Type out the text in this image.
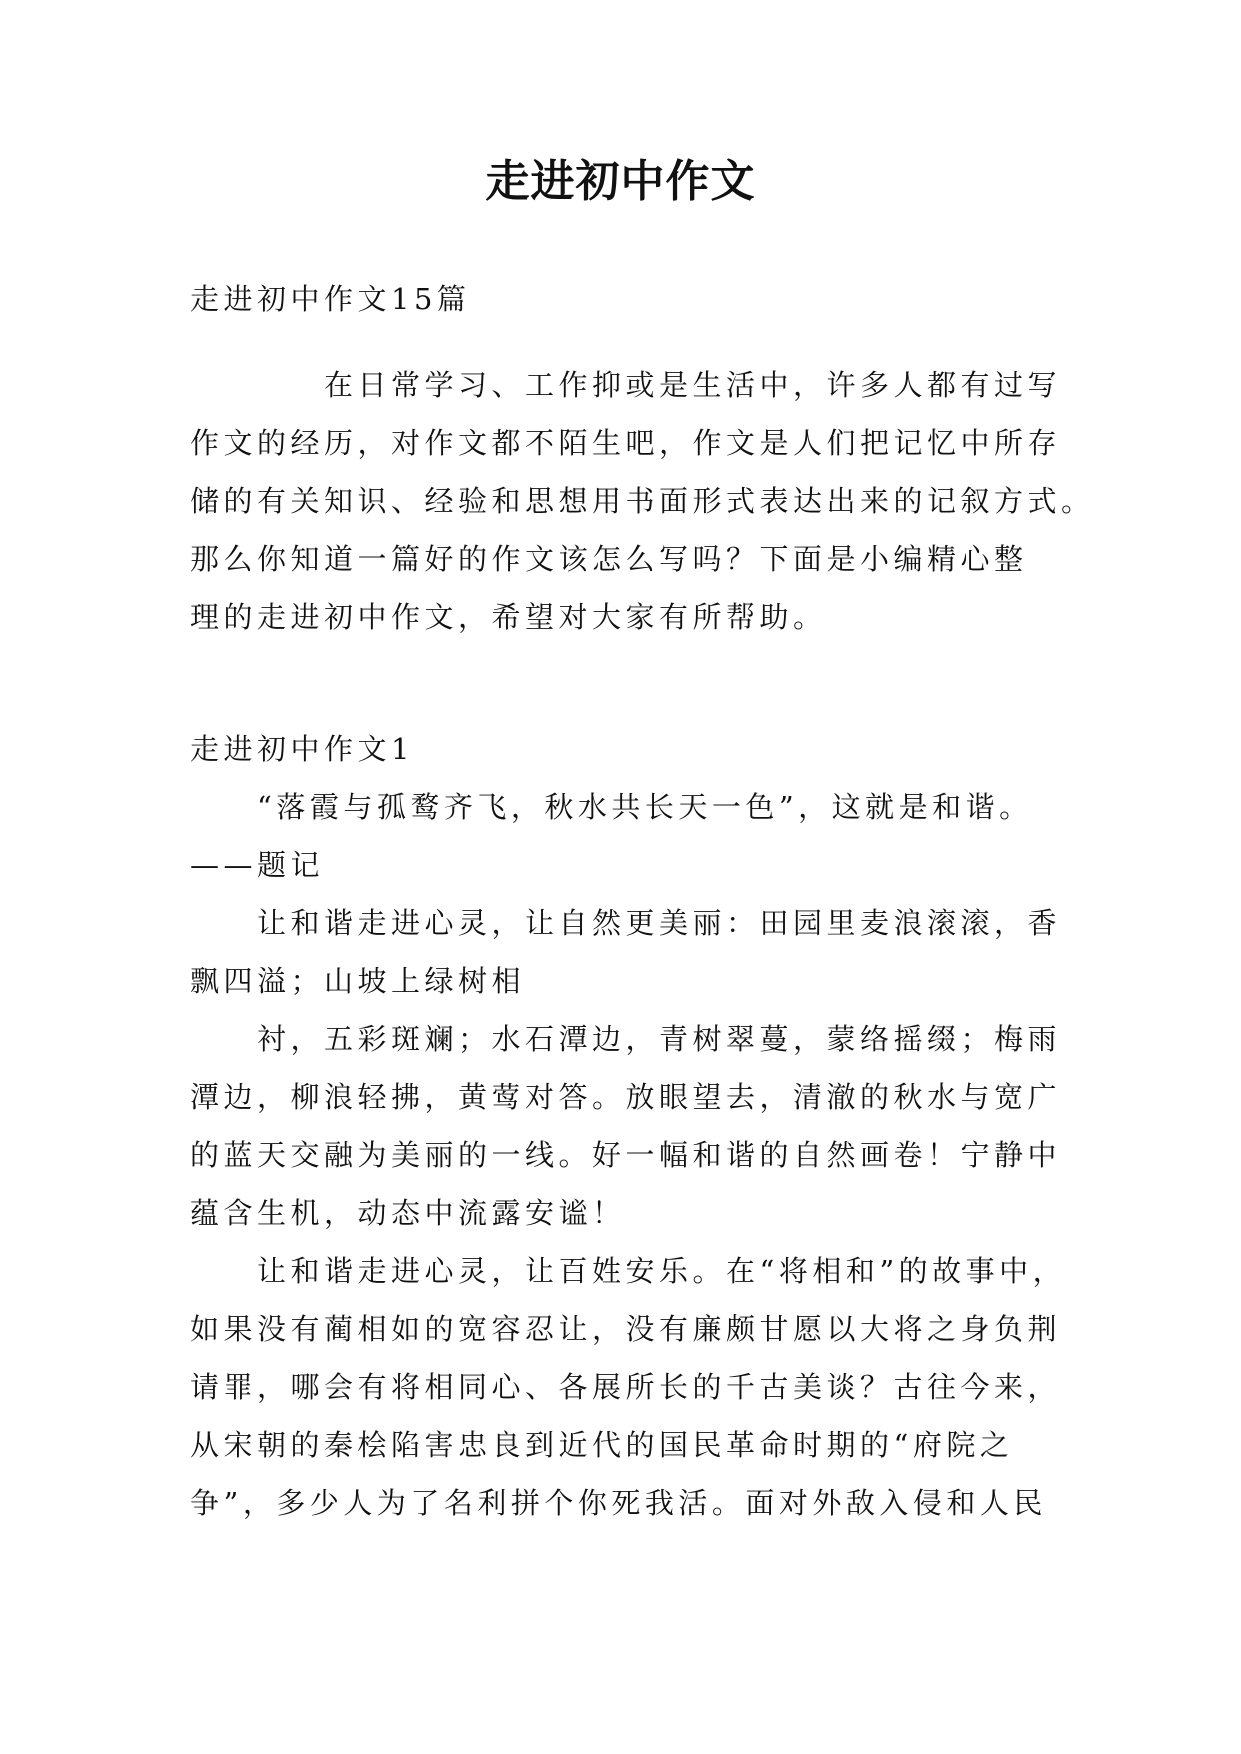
走进初中作文
走进初中作文15篇
　　　　在日常学习、工作抑或是生活中，许多人都有过写
作文的经历，对作文都不陌生吧，作文是人们把记忆中所存
储的有关知识、经验和思想用书面形式表达出来的记叙方式。
那么你知道一篇好的作文该怎么写吗？下面是小编精心整
理的走进初中作文，希望对大家有所帮助。
走进初中作文1
　　“落霞与孤鹜齐飞，秋水共长天一色”，这就是和谐。
——题记
　　让和谐走进心灵，让自然更美丽：田园里麦浪滚滚，香
飘四溢；山坡上绿树相
　　衬，五彩斑斓；水石潭边，青树翠蔓，蒙络摇缀；梅雨
潭边，柳浪轻拂，黄莺对答。放眼望去，清澈的秋水与宽广
的蓝天交融为美丽的一线。好一幅和谐的自然画卷！宁静中
蕴含生机，动态中流露安谧！
　　让和谐走进心灵，让百姓安乐。在“将相和”的故事中，
如果没有蔺相如的宽容忍让，没有廉颇甘愿以大将之身负荆
请罪，哪会有将相同心、各展所长的千古美谈？古往今来，
从宋朝的秦桧陷害忠良到近代的国民革命时期的“府院之
争”，多少人为了名利拼个你死我活。面对外敌入侵和人民
